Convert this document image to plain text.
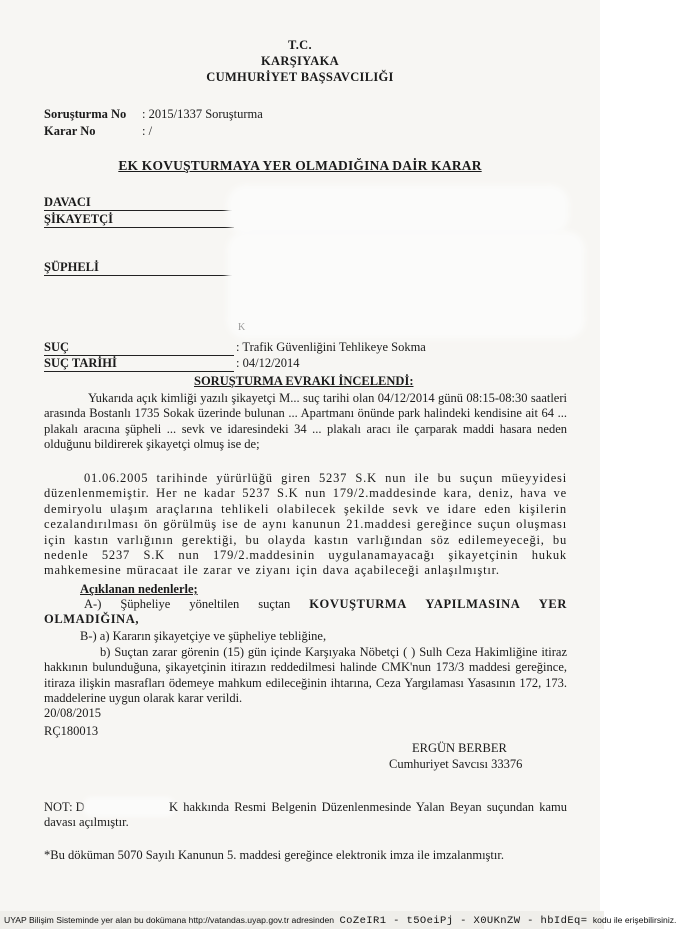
T.C.
KARŞIYAKA
CUMHURİYET BAŞSAVCILIĞI
Soruşturma No : 2015/1337 Soruşturma
Karar No	: /
EK KOVUŞTURMAYA YER OLMADIĞINA DAİR KARAR
DAVACI
ŞİKAYETÇİ
ŞÜPHELİ
K
SUÇ	: Trafik Güvenliğini Tehlikeye Sokma
SUÇ TARİHİ	: 04/12/2014
SORUŞTURMA EVRAKI İNCELENDİ:

Yukarıda açık kimliği yazılı şikayetçi M... suç tarihi olan 04/12/2014 günü 08:15-08:30 saatleri arasında Bostanlı 1735 Sokak üzerinde bulunan ... Apartmanı önünde park halindeki kendisine ait 64 ... plakalı aracına şüpheli ... sevk ve idaresindeki 34 ... plakalı aracı ile çarparak maddi hasara neden olduğunu bildirerek şikayetçi olmuş ise de;

01.06.2005 tarihinde yürürlüğü giren 5237 S.K nun ile bu suçun müeyyidesi düzenlenmemiştir. Her ne kadar 5237 S.K nun 179/2.maddesinde kara, deniz, hava ve demiryolu ulaşım araçlarına tehlikeli olabilecek şekilde sevk ve idare eden kişilerin cezalandırılması ön görülmüş ise de aynı kanunun 21.maddesi gereğince suçun oluşması için kastın varlığının gerektiği, bu olayda kastın varlığından söz edilemeyeceği, bu nedenle 5237 S.K nun 179/2.maddesinin uygulanamayacağı şikayetçinin hukuk mahkemesine müracaat ile zarar ve ziyanı için dava açabileceği anlaşılmıştır.

Açıklanan nedenlerle;

A-) Şüpheliye yöneltilen suçtan KOVUŞTURMA YAPILMASINA YER OLMADIĞINA,

B-) a) Kararın şikayetçiye ve şüpheliye tebliğine,

b) Suçtan zarar görenin (15) gün içinde Karşıyaka Nöbetçi ( ) Sulh Ceza Hakimliğine itiraz hakkının bulunduğuna, şikayetçinin itirazın reddedilmesi halinde CMK'nun 173/3 maddesi gereğince, itiraza ilişkin masrafları ödemeye mahkum edileceğinin ihtarına, Ceza Yargılaması Yasasının 172, 173. maddelerine uygun olarak karar verildi.

20/08/2015
RÇ180013
ERGÜN BERBER
Cumhuriyet Savcısı 33376
NOT: D	K hakkında Resmi Belgenin Düzenlenmesinde Yalan Beyan suçundan kamu davası açılmıştır.

*Bu döküman 5070 Sayılı Kanunun 5. maddesi gereğince elektronik imza ile imzalanmıştır.
UYAP Bilişim Sisteminde yer alan bu dokümana http://vatandas.uyap.gov.tr adresinden CoZeIR1 - t5OeiPj - X0UKnZW - hbIdEq= kodu ile erişebilirsiniz.
